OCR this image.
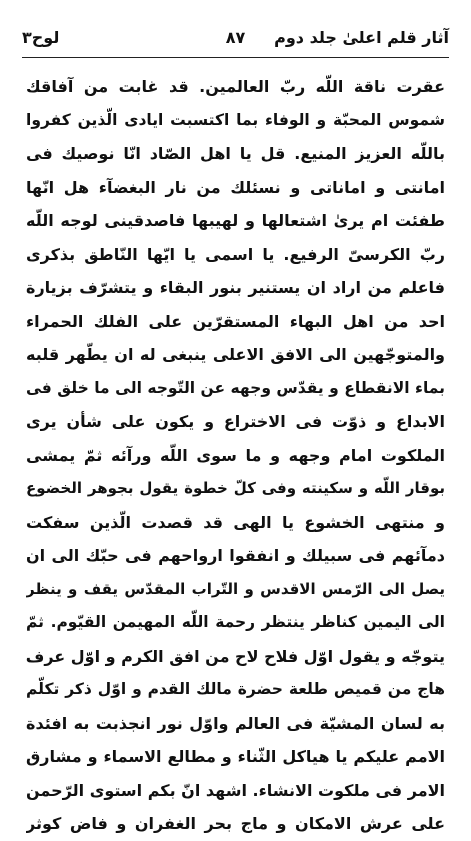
آثار قلم اعلیٰ جلد دوم
۸۷
لوح۳
عقرت ناقة اللّه ربّ العالمين. قد غابت من آفاقك
شموس المحبّة و الوفاء بما اكتسبت ايادى الّذين كفروا
باللّه العزيز المنيع. قل يا اهل الصّاد انّا نوصيك فى
امانتى و اماناتى و نسئلك من نار البغضآء هل انّها
طفئت ام يرىٰ اشتعالها و لهيبها فاصدقينى لوجه اللّه
ربّ الكرسىّ الرفيع. يا اسمى يا ايّها النّاطق بذكرى
فاعلم من اراد ان يستنير بنور البقاء و يتشرّف بزيارة
احد من اهل البهاء المستقرّين على الفلك الحمراء
والمتوجّهين الى الافق الاعلى ينبغى له ان يطّهر قلبه
بماء الانقطاع و يقدّس وجهه عن التّوجه الى ما خلق فى
الابداع و ذوّت فى الاختراع و يكون على شأن يرى
الملكوت امام وجهه و ما سوى اللّه ورآئه ثمّ يمشى
بوقار اللّه و سكينته وفى كلّ خطوة يقول بجوهر الخضوع
و منتهى الخشوع يا الهى قد قصدت الّذين سفكت
دمآئهم فى سبيلك و انفقوا ارواحهم فى حبّك الى ان
يصل الى الرّمس الاقدس و التّراب المقدّس يقف و ينظر
الى اليمين كناظر ينتظر رحمة اللّه المهيمن القيّوم. ثمّ
يتوجّه و يقول اوّل فلاح لاح من افق الكرم و اوّل عرف
هاج من قميص طلعة حضرة مالك القدم و اوّل ذكر تكلّم
به لسان المشيّة فى العالم واوّل نور انجذبت به افئدة
الامم عليكم يا هياكل الثّناء و مطالع الاسماء و مشارق
الامر فى ملكوت الانشاء. اشهد انّ بكم استوى الرّحمن
على عرش الامكان و ماج بحر الغفران و فاض كوثر
